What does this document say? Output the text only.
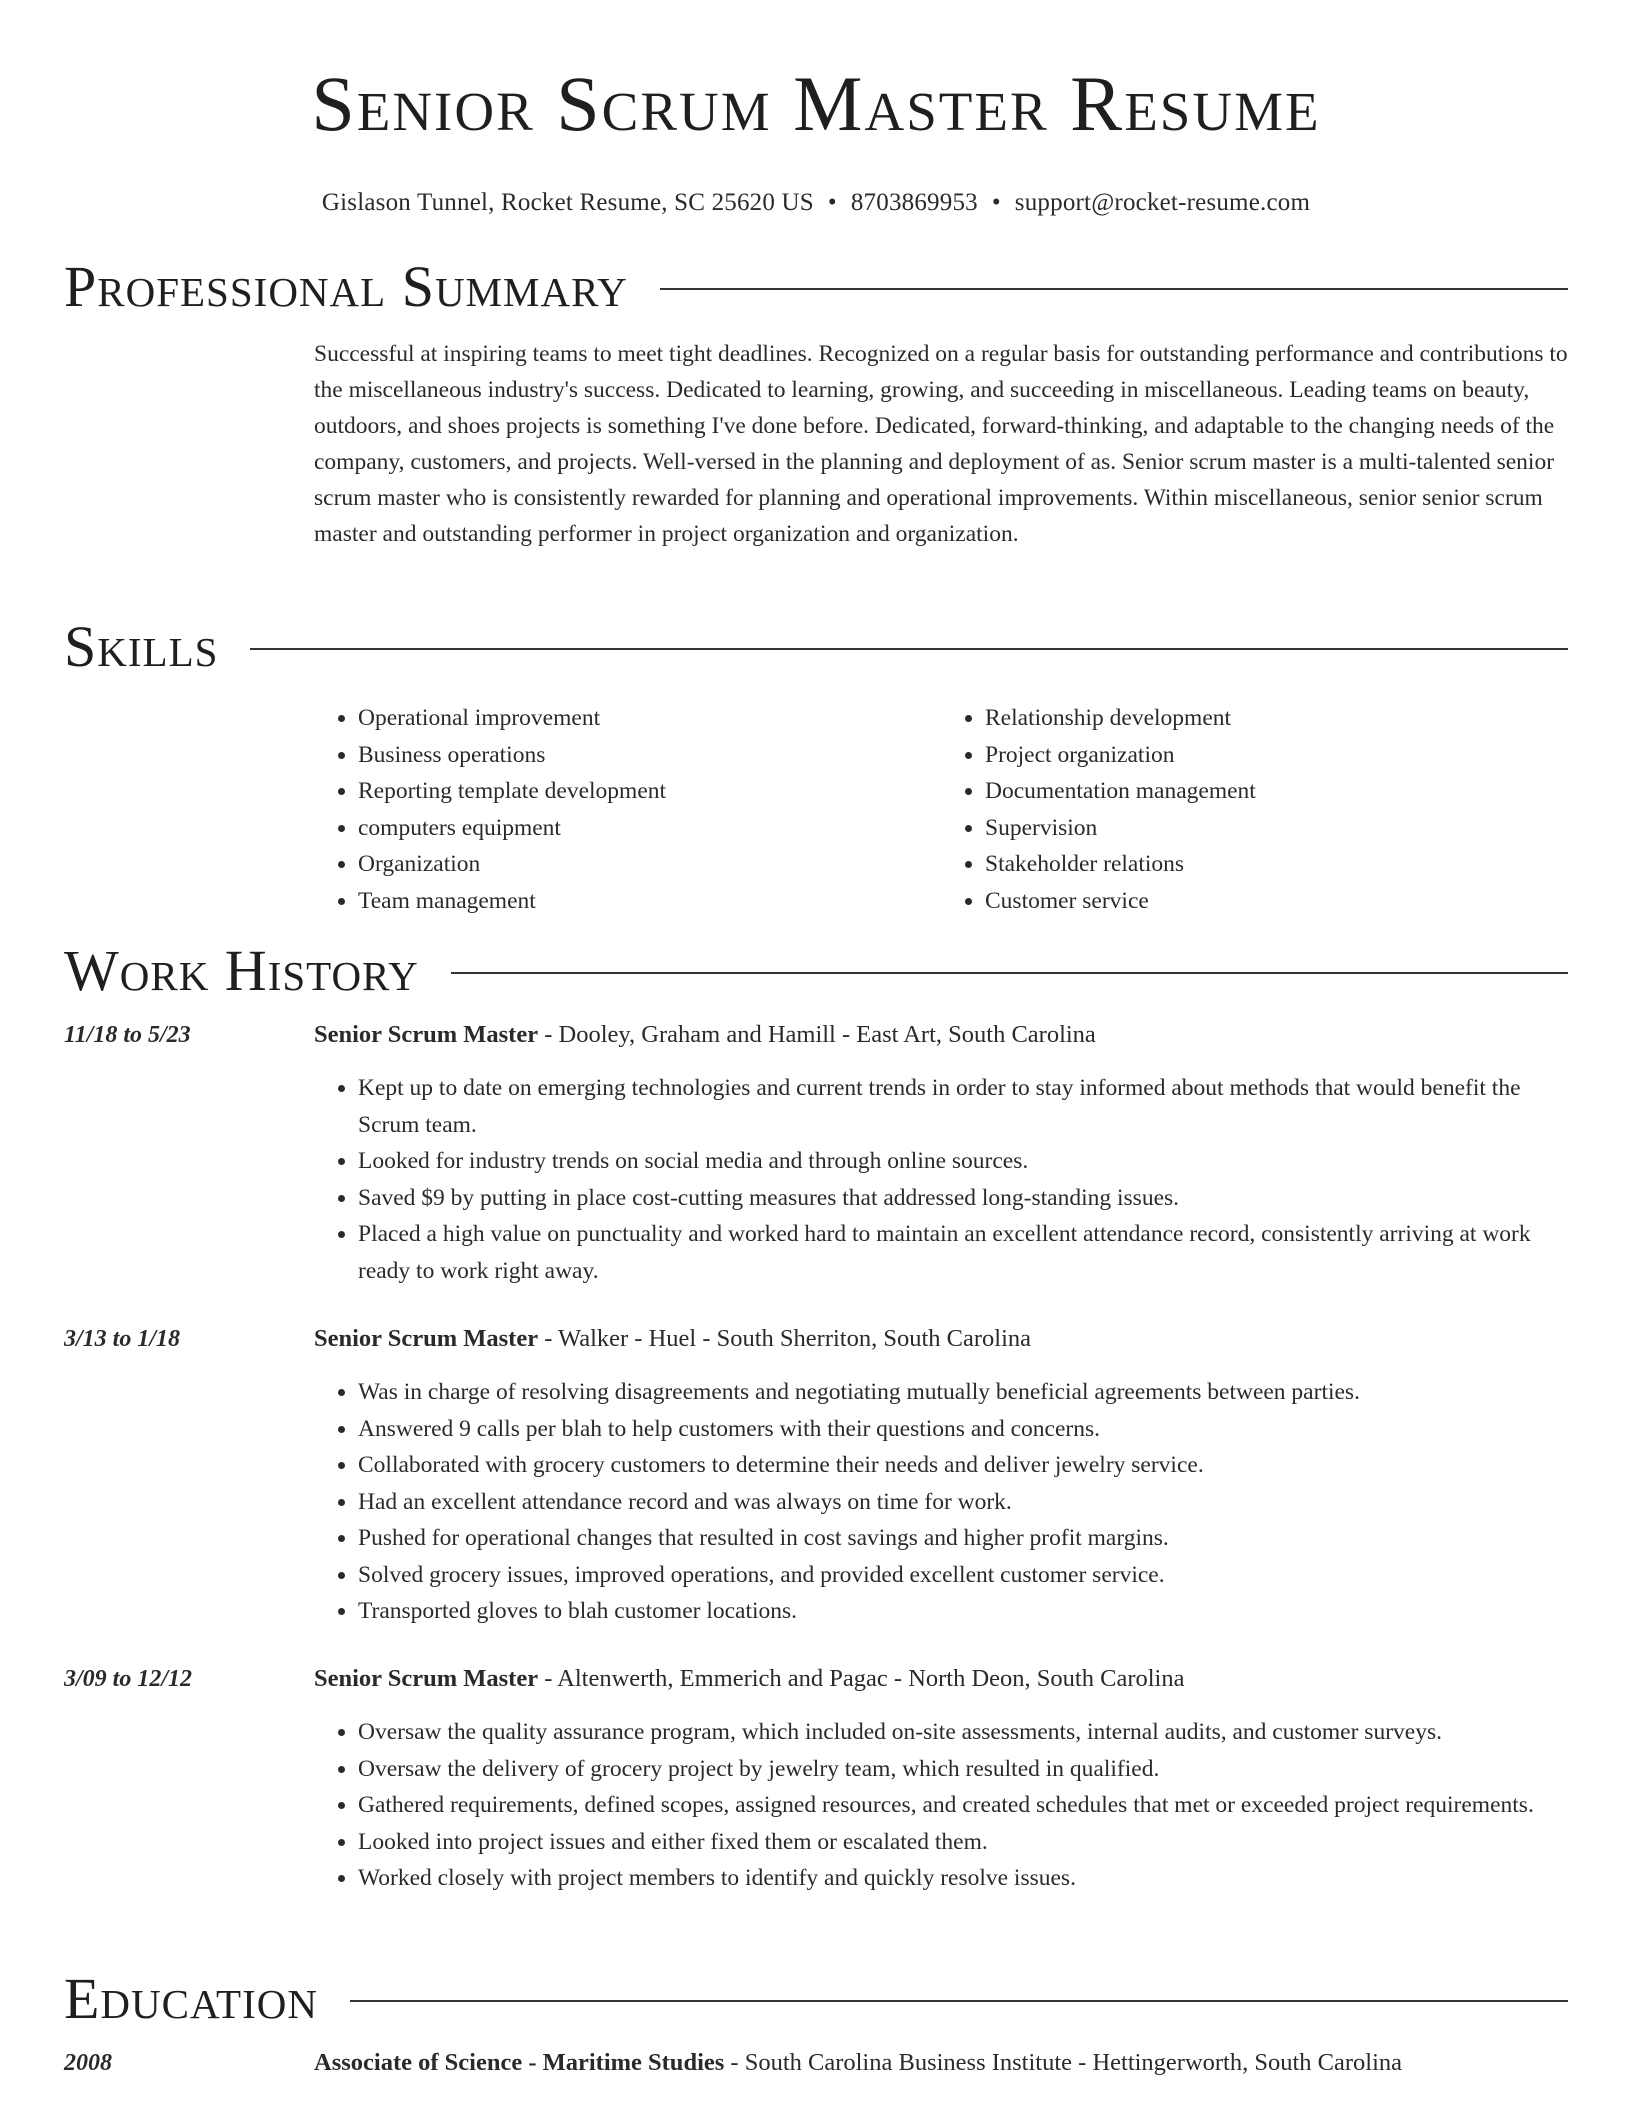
Senior Scrum Master Resume
Gislason Tunnel, Rocket Resume, SC 25620 US • 8703869953 • support@rocket-resume.com
Professional Summary

Successful at inspiring teams to meet tight deadlines. Recognized on a regular basis for outstanding performance and contributions to the miscellaneous industry's success. Dedicated to learning, growing, and succeeding in miscellaneous. Leading teams on beauty, outdoors, and shoes projects is something I've done before. Dedicated, forward-thinking, and adaptable to the changing needs of the company, customers, and projects. Well-versed in the planning and deployment of as. Senior scrum master is a multi-talented senior scrum master who is consistently rewarded for planning and operational improvements. Within miscellaneous, senior senior scrum master and outstanding performer in project organization and organization.

Skills
• Operational improvement
• Business operations
• Reporting template development
• computers equipment
• Organization
• Team management
• Relationship development
• Project organization
• Documentation management
• Supervision
• Stakeholder relations
• Customer service
Work History
11/18 to 5/23	Senior Scrum Master - Dooley, Graham and Hamill - East Art, South Carolina
• Kept up to date on emerging technologies and current trends in order to stay informed about methods that would benefit the Scrum team.
• Looked for industry trends on social media and through online sources.
• Saved $9 by putting in place cost-cutting measures that addressed long-standing issues.
• Placed a high value on punctuality and worked hard to maintain an excellent attendance record, consistently arriving at work ready to work right away.
3/13 to 1/18	Senior Scrum Master - Walker - Huel - South Sherriton, South Carolina
• Was in charge of resolving disagreements and negotiating mutually beneficial agreements between parties.
• Answered 9 calls per blah to help customers with their questions and concerns.
• Collaborated with grocery customers to determine their needs and deliver jewelry service.
• Had an excellent attendance record and was always on time for work.
• Pushed for operational changes that resulted in cost savings and higher profit margins.
• Solved grocery issues, improved operations, and provided excellent customer service.
• Transported gloves to blah customer locations.
3/09 to 12/12	Senior Scrum Master - Altenwerth, Emmerich and Pagac - North Deon, South Carolina
• Oversaw the quality assurance program, which included on-site assessments, internal audits, and customer surveys.
• Oversaw the delivery of grocery project by jewelry team, which resulted in qualified.
• Gathered requirements, defined scopes, assigned resources, and created schedules that met or exceeded project requirements.
• Looked into project issues and either fixed them or escalated them.
• Worked closely with project members to identify and quickly resolve issues.
Education
2008	Associate of Science - Maritime Studies - South Carolina Business Institute - Hettingerworth, South Carolina
